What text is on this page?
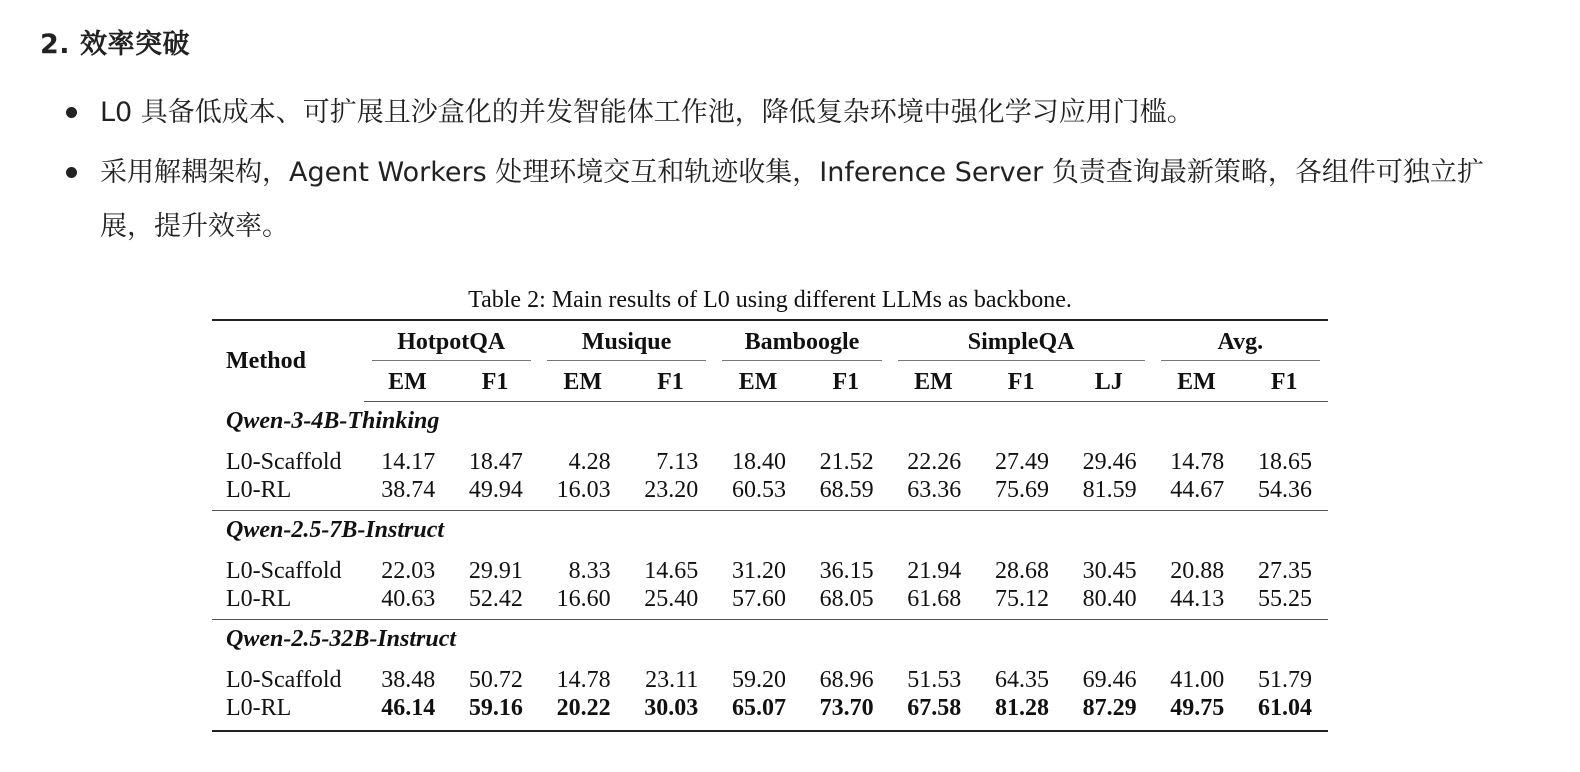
2. 效率突破
L0 具备低成本、可扩展且沙盒化的并发智能体工作池，降低复杂环境中强化学习应用门槛。
采用解耦架构，Agent Workers 处理环境交互和轨迹收集，Inference Server 负责查询最新策略，各组件可独立扩展，提升效率。
Table 2: Main results of L0 using different LLMs as backbone.
Method	HotpotQA		Musique		Bamboogle		SimpleQA			Avg.	

	EM	F1	EM	F1	EM	F1	EM	F1	LJ	EM	F1
Qwen-3-4B-Thinking											
L0-Scaffold	14.17	18.47	4.28	7.13	18.40	21.52	22.26	27.49	29.46	14.78	18.65
L0-RL	38.74	49.94	16.03	23.20	60.53	68.59	63.36	75.69	81.59	44.67	54.36
Qwen-2.5-7B-Instruct											
L0-Scaffold	22.03	29.91	8.33	14.65	31.20	36.15	21.94	28.68	30.45	20.88	27.35
L0-RL	40.63	52.42	16.60	25.40	57.60	68.05	61.68	75.12	80.40	44.13	55.25
Qwen-2.5-32B-Instruct											
L0-Scaffold	38.48	50.72	14.78	23.11	59.20	68.96	51.53	64.35	69.46	41.00	51.79
L0-RL	46.14	59.16	20.22	30.03	65.07	73.70	67.58	81.28	87.29	49.75	61.04
